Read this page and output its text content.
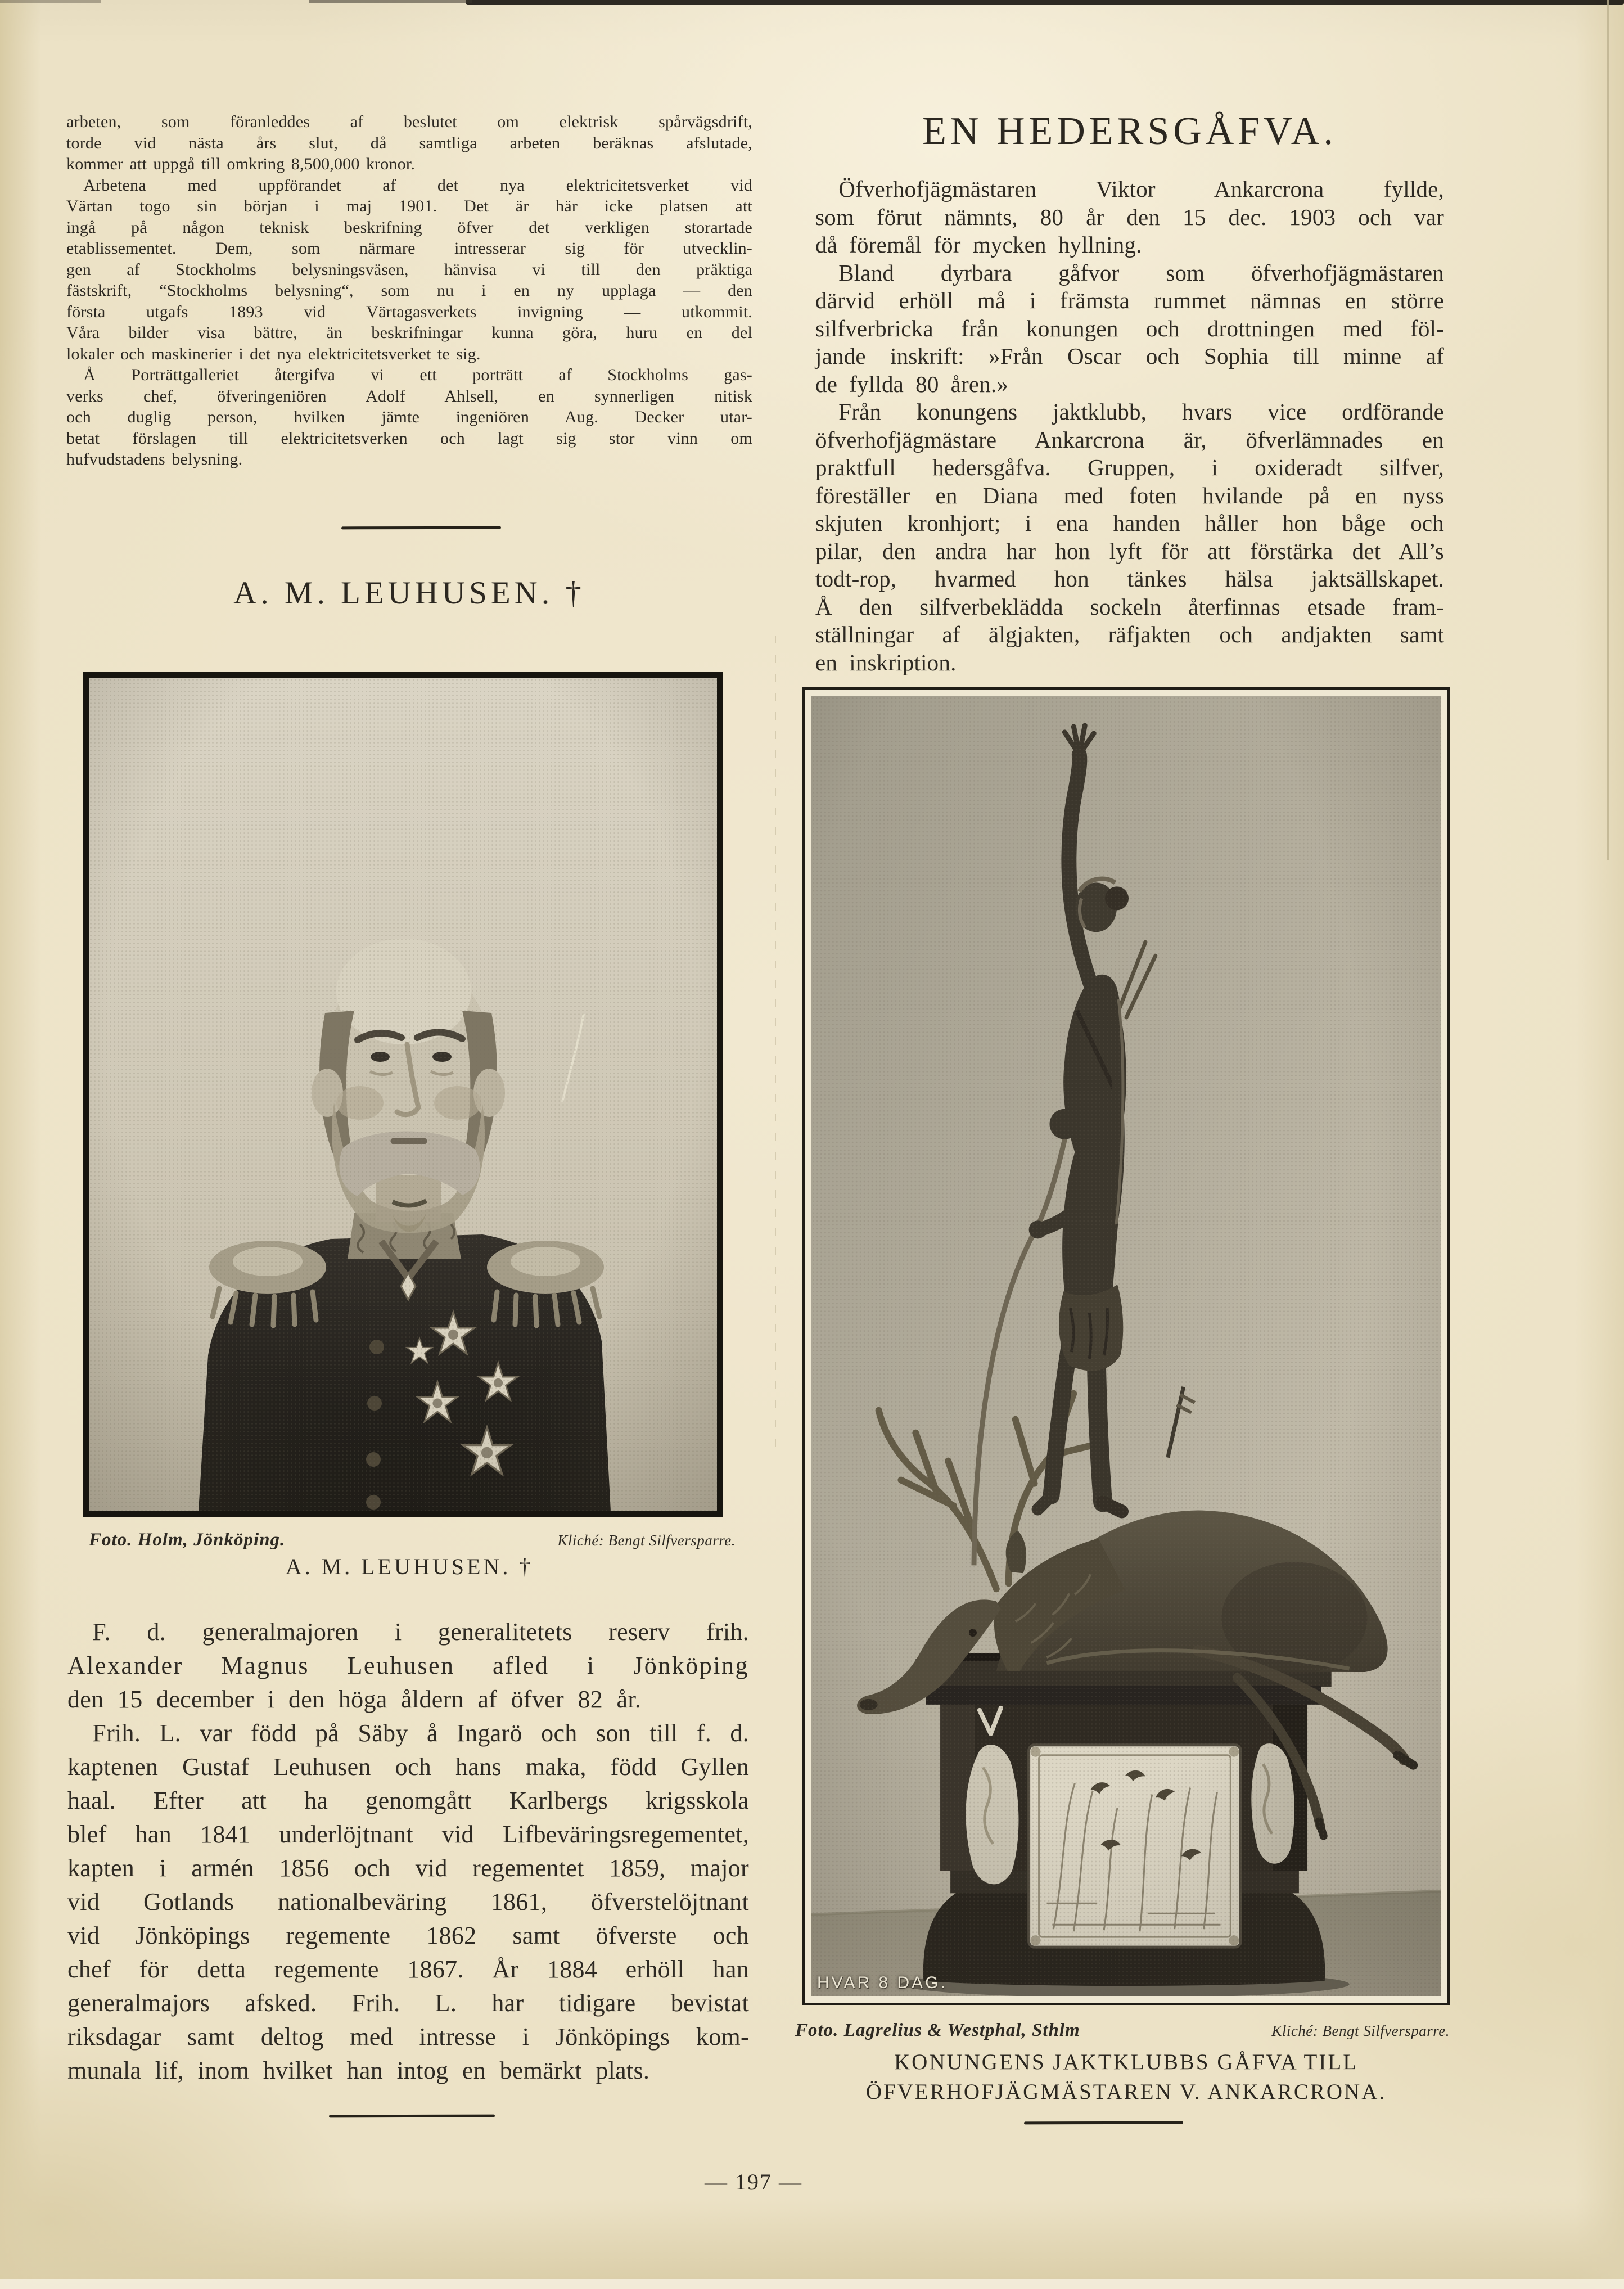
arbeten, som föranleddes af beslutet om elektrisk spårvägsdrift,
torde vid nästa års slut, då samtliga arbeten beräknas afslutade,
kommer att uppgå till omkring 8,500,000 kronor.
 Arbetena med uppförandet af det nya elektricitetsverket vid
Värtan togo sin början i maj 1901. Det är här icke platsen att
ingå på någon teknisk beskrifning öfver det verkligen storartade
etablissementet. Dem, som närmare intresserar sig för utvecklin-
gen af Stockholms belysningsväsen, hänvisa vi till den präktiga
fästskrift, “Stockholms belysning“, som nu i en ny upplaga — den
första utgafs 1893 vid Värtagasverkets invigning — utkommit.
Våra bilder visa bättre, än beskrifningar kunna göra, huru en del
lokaler och maskinerier i det nya elektricitetsverket te sig.
 Å Porträttgalleriet återgifva vi ett porträtt af Stockholms gas-
verks chef, öfveringeniören Adolf Ahlsell, en synnerligen nitisk
och duglig person, hvilken jämte ingeniören Aug. Decker utar-
betat förslagen till elektricitetsverken och lagt sig stor vinn om
hufvudstadens belysning.
A. M. LEUHUSEN. †
Foto. Holm, Jönköping.	Kliché: Bengt Silfversparre.
A. M. LEUHUSEN. †
 F. d. generalmajoren i generalitetets reserv frih.
Alexander Magnus Leuhusen afled i Jönköping
den 15 december i den höga åldern af öfver 82 år.
 Frih. L. var född på Säby å Ingarö och son till f. d.
kaptenen Gustaf Leuhusen och hans maka, född Gyllen
haal. Efter att ha genomgått Karlbergs krigsskola
blef han 1841 underlöjtnant vid Lifbeväringsregementet,
kapten i armén 1856 och vid regementet 1859, major
vid Gotlands nationalbeväring 1861, öfverstelöjtnant
vid Jönköpings regemente 1862 samt öfverste och
chef för detta regemente 1867. År 1884 erhöll han
generalmajors afsked. Frih. L. har tidigare bevistat
riksdagar samt deltog med intresse i Jönköpings kom-
munala lif, inom hvilket han intog en bemärkt plats.
EN HEDERSGÅFVA.
 Öfverhofjägmästaren Viktor Ankarcrona fyllde,
som förut nämnts, 80 år den 15 dec. 1903 och var
då föremål för mycken hyllning.
 Bland dyrbara gåfvor som öfverhofjägmästaren
därvid erhöll må i främsta rummet nämnas en större
silfverbricka från konungen och drottningen med föl-
jande inskrift: »Från Oscar och Sophia till minne af
de fyllda 80 åren.»
 Från konungens jaktklubb, hvars vice ordförande
öfverhofjägmästare Ankarcrona är, öfverlämnades en
praktfull hedersgåfva. Gruppen, i oxideradt silfver,
föreställer en Diana med foten hvilande på en nyss
skjuten kronhjort; i ena handen håller hon båge och
pilar, den andra har hon lyft för att förstärka det All’s
todt-rop, hvarmed hon tänkes hälsa jaktsällskapet.
Å den silfverbeklädda sockeln återfinnas etsade fram-
ställningar af älgjakten, räfjakten och andjakten samt
en inskription.
HVAR 8 DAG.
Foto. Lagrelius & Westphal, Sthlm	Kliché: Bengt Silfversparre.
KONUNGENS JAKTKLUBBS GÅFVA TILL
ÖFVERHOFJÄGMÄSTAREN V. ANKARCRONA.
— 197 —
